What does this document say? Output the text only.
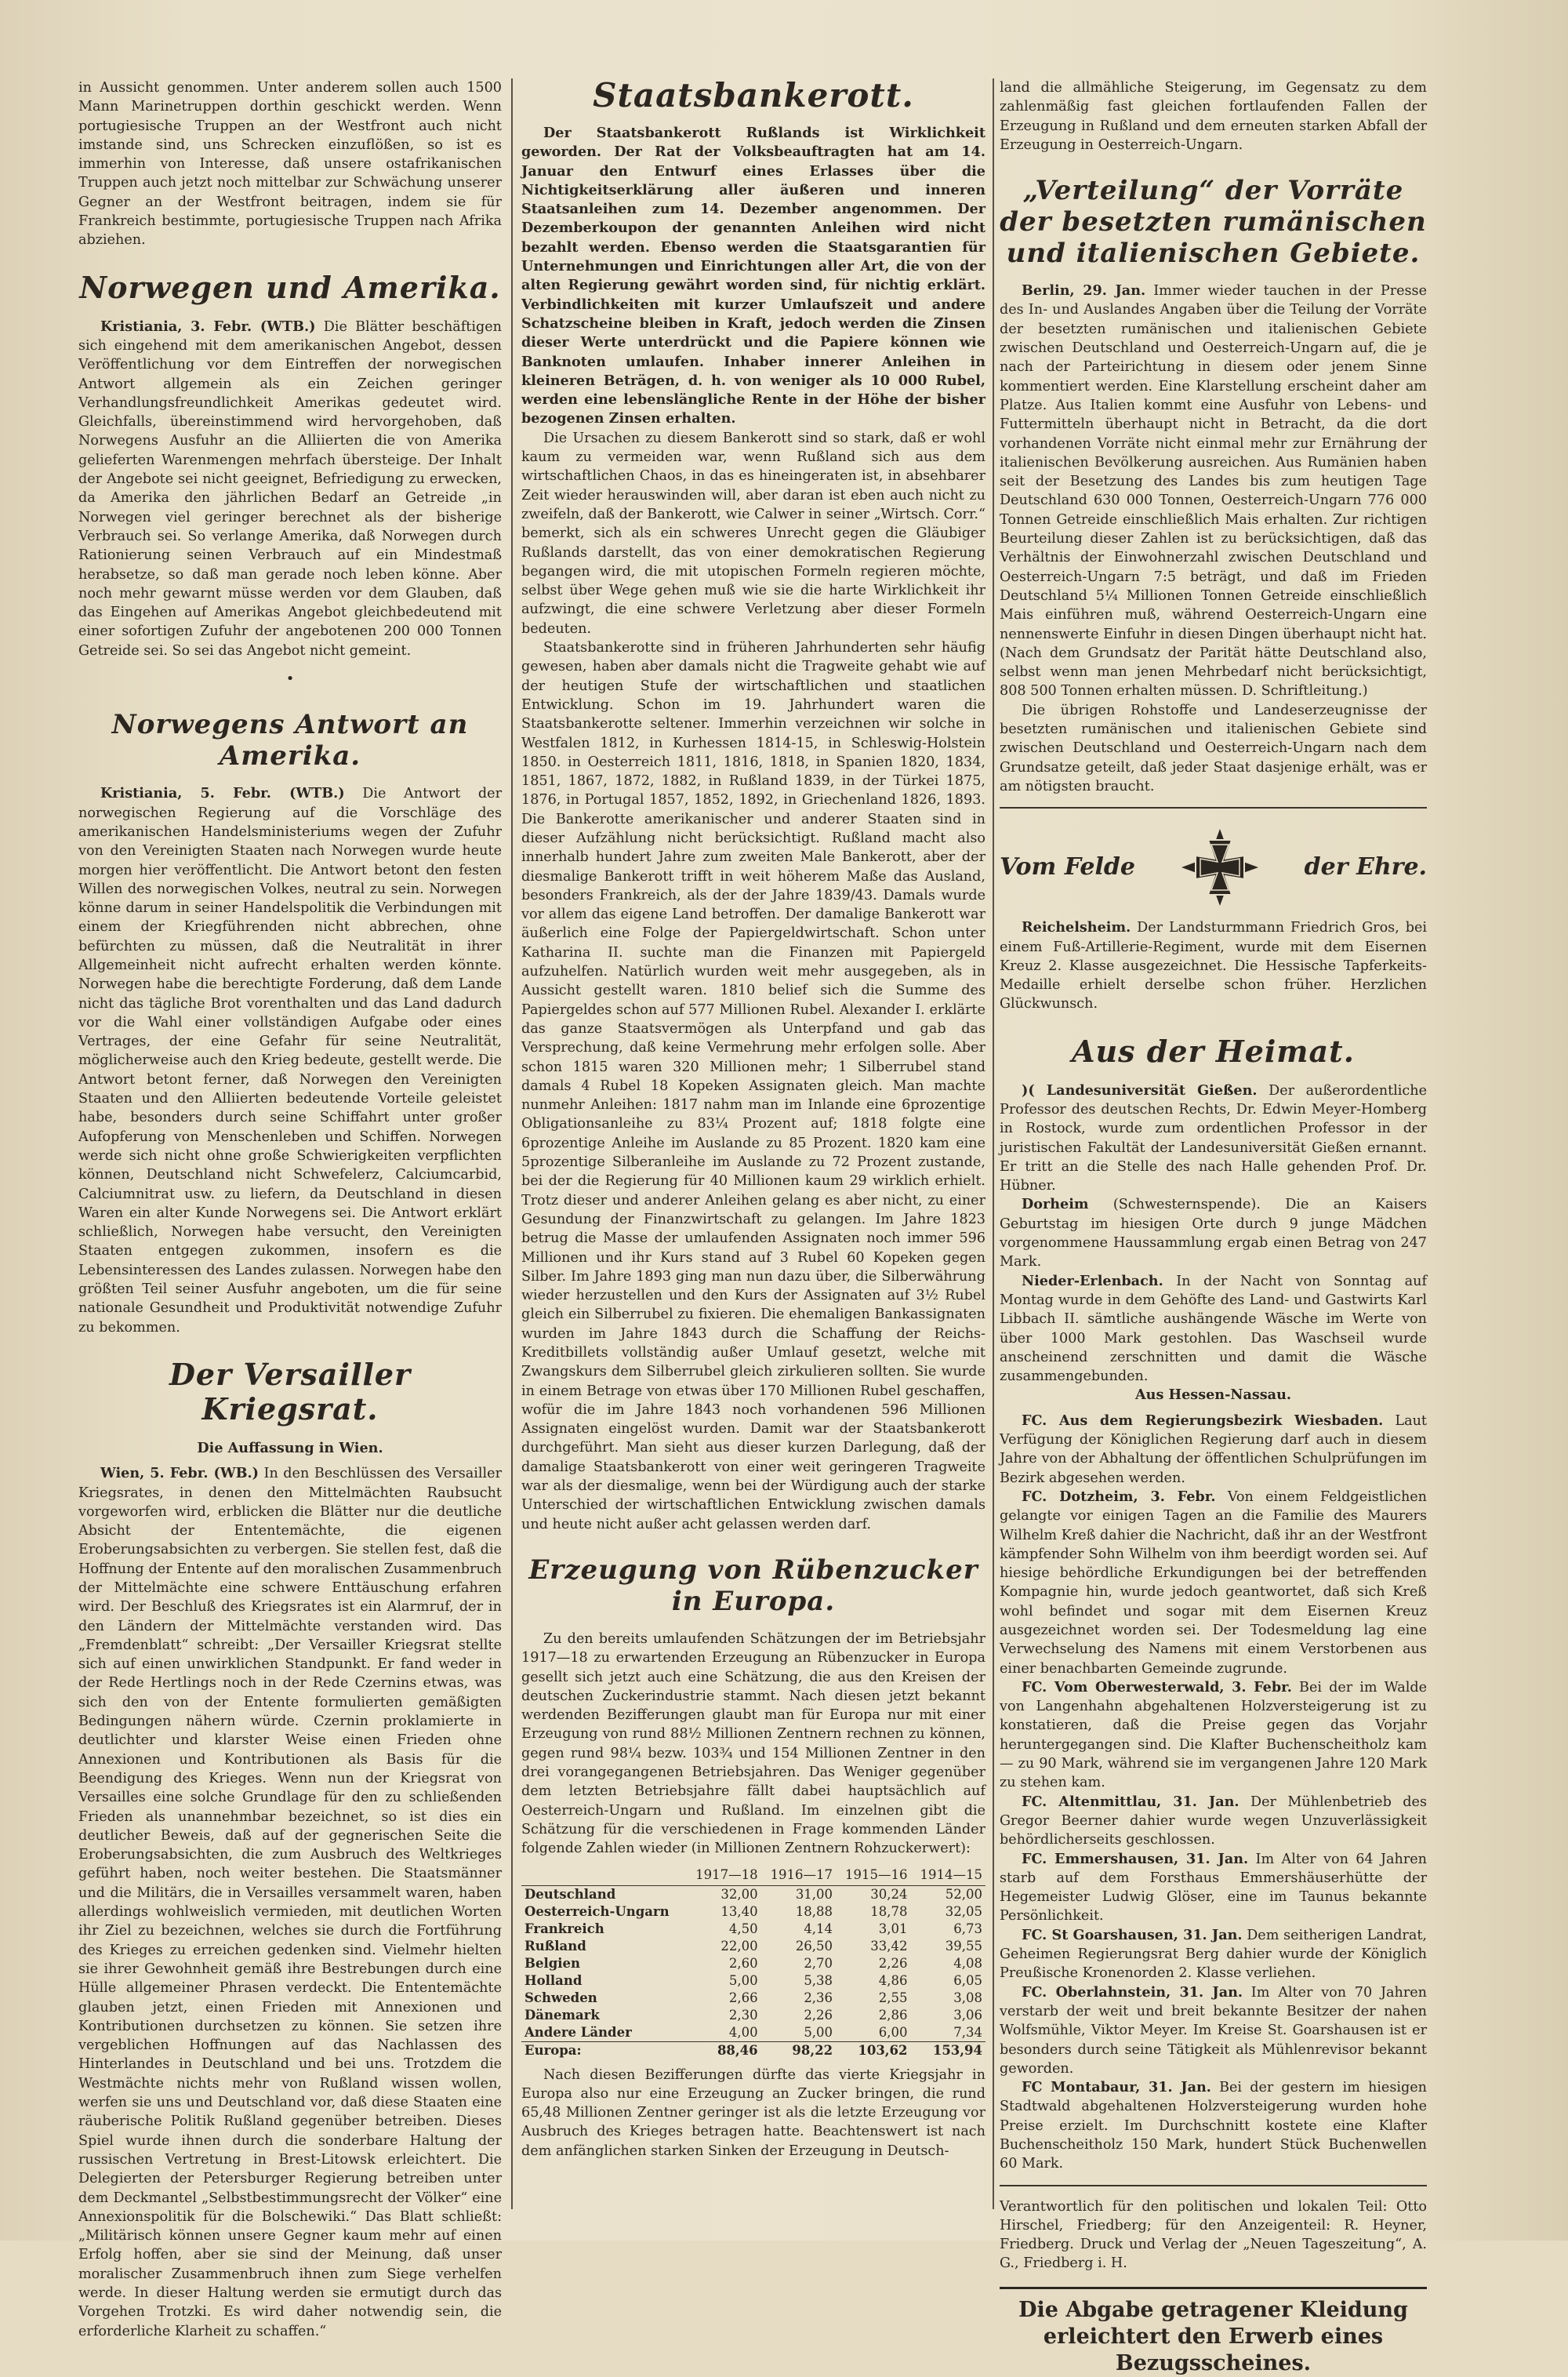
in Aussicht genommen. Unter anderem sollen auch 1500 Mann Marinetruppen dorthin geschickt werden. Wenn portugiesische Truppen an der Westfront auch nicht imstande sind, uns Schrecken einzuflößen, so ist es immerhin von Interesse, daß unsere ostafrikanischen Truppen auch jetzt noch mittelbar zur Schwächung unserer Gegner an der Westfront beitragen, indem sie für Frankreich bestimmte, portugiesische Truppen nach Afrika abziehen.

Norwegen und Amerika.

Kristiania, 3. Febr. (WTB.) Die Blätter beschäftigen sich eingehend mit dem amerikanischen Angebot, dessen Veröffentlichung vor dem Eintreffen der norwegischen Antwort allgemein als ein Zeichen geringer Verhandlungsfreundlichkeit Amerikas gedeutet wird. Gleichfalls, übereinstimmend wird hervorgehoben, daß Norwegens Ausfuhr an die Alliierten die von Amerika gelieferten Warenmengen mehrfach übersteige. Der Inhalt der Angebote sei nicht geeignet, Befriedigung zu erwecken, da Amerika den jährlichen Bedarf an Getreide „in Norwegen viel geringer berechnet als der bisherige Verbrauch sei. So verlange Amerika, daß Norwegen durch Rationierung seinen Verbrauch auf ein Mindestmaß herabsetze, so daß man gerade noch leben könne. Aber noch mehr gewarnt müsse werden vor dem Glauben, daß das Eingehen auf Amerikas Angebot gleichbedeutend mit einer sofortigen Zufuhr der angebotenen 200 000 Tonnen Getreide sei. So sei das Angebot nicht gemeint.

•
Norwegens Antwort an Amerika.

Kristiania, 5. Febr. (WTB.) Die Antwort der norwegischen Regierung auf die Vorschläge des amerikanischen Handelsministeriums wegen der Zufuhr von den Vereinigten Staaten nach Norwegen wurde heute morgen hier veröffentlicht. Die Antwort betont den festen Willen des norwegischen Volkes, neutral zu sein. Norwegen könne darum in seiner Handelspolitik die Verbindungen mit einem der Kriegführenden nicht abbrechen, ohne befürchten zu müssen, daß die Neutralität in ihrer Allgemeinheit nicht aufrecht erhalten werden könnte. Norwegen habe die berechtigte Forderung, daß dem Lande nicht das tägliche Brot vorenthalten und das Land dadurch vor die Wahl einer vollständigen Aufgabe oder eines Vertrages, der eine Gefahr für seine Neutralität, möglicherweise auch den Krieg bedeute, gestellt werde. Die Antwort betont ferner, daß Norwegen den Vereinigten Staaten und den Alliierten bedeutende Vorteile geleistet habe, besonders durch seine Schiffahrt unter großer Aufopferung von Menschenleben und Schiffen. Norwegen werde sich nicht ohne große Schwierigkeiten verpflichten können, Deutschland nicht Schwefelerz, Calciumcarbid, Calciumnitrat usw. zu liefern, da Deutschland in diesen Waren ein alter Kunde Norwegens sei. Die Antwort erklärt schließlich, Norwegen habe versucht, den Vereinigten Staaten entgegen zukommen, insofern es die Lebensinteressen des Landes zulassen. Norwegen habe den größten Teil seiner Ausfuhr angeboten, um die für seine nationale Gesundheit und Produktivität notwendige Zufuhr zu bekommen.

Der Versailler Kriegsrat.
Die Auffassung in Wien.

Wien, 5. Febr. (WB.) In den Beschlüssen des Versailler Kriegsrates, in denen den Mittelmächten Raubsucht vorgeworfen wird, erblicken die Blätter nur die deutliche Absicht der Ententemächte, die eigenen Eroberungsabsichten zu verbergen. Sie stellen fest, daß die Hoffnung der Entente auf den moralischen Zusammenbruch der Mittelmächte eine schwere Enttäuschung erfahren wird. Der Beschluß des Kriegsrates ist ein Alarmruf, der in den Ländern der Mittelmächte verstanden wird. Das „Fremdenblatt“ schreibt: „Der Versailler Kriegsrat stellte sich auf einen unwirklichen Standpunkt. Er fand weder in der Rede Hertlings noch in der Rede Czernins etwas, was sich den von der Entente formulierten gemäßigten Bedingungen nähern würde. Czernin proklamierte in deutlichter und klarster Weise einen Frieden ohne Annexionen und Kontributionen als Basis für die Beendigung des Krieges. Wenn nun der Kriegsrat von Versailles eine solche Grundlage für den zu schließenden Frieden als unannehmbar bezeichnet, so ist dies ein deutlicher Beweis, daß auf der gegnerischen Seite die Eroberungsabsichten, die zum Ausbruch des Weltkrieges geführt haben, noch weiter bestehen. Die Staatsmänner und die Militärs, die in Versailles versammelt waren, haben allerdings wohlweislich vermieden, mit deutlichen Worten ihr Ziel zu bezeichnen, welches sie durch die Fortführung des Krieges zu erreichen gedenken sind. Vielmehr hielten sie ihrer Gewohnheit gemäß ihre Bestrebungen durch eine Hülle allgemeiner Phrasen verdeckt. Die Ententemächte glauben jetzt, einen Frieden mit Annexionen und Kontributionen durchsetzen zu können. Sie setzen ihre vergeblichen Hoffnungen auf das Nachlassen des Hinterlandes in Deutschland und bei uns. Trotzdem die Westmächte nichts mehr von Rußland wissen wollen, werfen sie uns und Deutschland vor, daß diese Staaten eine räuberische Politik Rußland gegenüber betreiben. Dieses Spiel wurde ihnen durch die sonderbare Haltung der russischen Vertretung in Brest-Litowsk erleichtert. Die Delegierten der Petersburger Regierung betreiben unter dem Deckmantel „Selbstbestimmungsrecht der Völker“ eine Annexionspolitik für die Bolschewiki.“ Das Blatt schließt: „Militärisch können unsere Gegner kaum mehr auf einen Erfolg hoffen, aber sie sind der Meinung, daß unser moralischer Zusammenbruch ihnen zum Siege verhelfen werde. In dieser Haltung werden sie ermutigt durch das Vorgehen Trotzki. Es wird daher notwendig sein, die erforderliche Klarheit zu schaffen.“

Staatsbankerott.

Der Staatsbankerott Rußlands ist Wirklichkeit geworden. Der Rat der Volksbeauftragten hat am 14. Januar den Entwurf eines Erlasses über die Nichtigkeitserklärung aller äußeren und inneren Staatsanleihen zum 14. Dezember angenommen. Der Dezemberkoupon der genannten Anleihen wird nicht bezahlt werden. Ebenso werden die Staatsgarantien für Unternehmungen und Einrichtungen aller Art, die von der alten Regierung gewährt worden sind, für nichtig erklärt. Verbindlichkeiten mit kurzer Umlaufszeit und andere Schatzscheine bleiben in Kraft, jedoch werden die Zinsen dieser Werte unterdrückt und die Papiere können wie Banknoten umlaufen. Inhaber innerer Anleihen in kleineren Beträgen, d. h. von weniger als 10 000 Rubel, werden eine lebenslängliche Rente in der Höhe der bisher bezogenen Zinsen erhalten.

Die Ursachen zu diesem Bankerott sind so stark, daß er wohl kaum zu vermeiden war, wenn Rußland sich aus dem wirtschaftlichen Chaos, in das es hineingeraten ist, in absehbarer Zeit wieder herauswinden will, aber daran ist eben auch nicht zu zweifeln, daß der Bankerott, wie Calwer in seiner „Wirtsch. Corr.“ bemerkt, sich als ein schweres Unrecht gegen die Gläubiger Rußlands darstellt, das von einer demokratischen Regierung begangen wird, die mit utopischen Formeln regieren möchte, selbst über Wege gehen muß wie sie die harte Wirklichkeit ihr aufzwingt, die eine schwere Verletzung aber dieser Formeln bedeuten.

Staatsbankerotte sind in früheren Jahrhunderten sehr häufig gewesen, haben aber damals nicht die Tragweite gehabt wie auf der heutigen Stufe der wirtschaftlichen und staatlichen Entwicklung. Schon im 19. Jahrhundert waren die Staatsbankerotte seltener. Immerhin verzeichnen wir solche in Westfalen 1812, in Kurhessen 1814-15, in Schleswig-Holstein 1850. in Oesterreich 1811, 1816, 1818, in Spanien 1820, 1834, 1851, 1867, 1872, 1882, in Rußland 1839, in der Türkei 1875, 1876, in Portugal 1857, 1852, 1892, in Griechenland 1826, 1893. Die Bankerotte amerikanischer und anderer Staaten sind in dieser Aufzählung nicht berücksichtigt. Rußland macht also innerhalb hundert Jahre zum zweiten Male Bankerott, aber der diesmalige Bankerott trifft in weit höherem Maße das Ausland, besonders Frankreich, als der der Jahre 1839/43. Damals wurde vor allem das eigene Land betroffen. Der damalige Bankerott war äußerlich eine Folge der Papiergeldwirtschaft. Schon unter Katharina II. suchte man die Finanzen mit Papiergeld aufzuhelfen. Natürlich wurden weit mehr ausgegeben, als in Aussicht gestellt waren. 1810 belief sich die Summe des Papiergeldes schon auf 577 Millionen Rubel. Alexander I. erklärte das ganze Staatsvermögen als Unterpfand und gab das Versprechung, daß keine Vermehrung mehr erfolgen solle. Aber schon 1815 waren 320 Millionen mehr; 1 Silberrubel stand damals 4 Rubel 18 Kopeken Assignaten gleich. Man machte nunmehr Anleihen: 1817 nahm man im Inlande eine 6prozentige Obligationsanleihe zu 83¼ Prozent auf; 1818 folgte eine 6prozentige Anleihe im Auslande zu 85 Prozent. 1820 kam eine 5prozentige Silberanleihe im Auslande zu 72 Prozent zustande, bei der die Regierung für 40 Millionen kaum 29 wirklich erhielt. Trotz dieser und anderer Anleihen gelang es aber nicht, zu einer Gesundung der Finanzwirtschaft zu gelangen. Im Jahre 1823 betrug die Masse der umlaufenden Assignaten noch immer 596 Millionen und ihr Kurs stand auf 3 Rubel 60 Kopeken gegen Silber. Im Jahre 1893 ging man nun dazu über, die Silberwährung wieder herzustellen und den Kurs der Assignaten auf 3½ Rubel gleich ein Silberrubel zu fixieren. Die ehemaligen Bankassignaten wurden im Jahre 1843 durch die Schaffung der Reichs-Kreditbillets vollständig außer Umlauf gesetzt, welche mit Zwangskurs dem Silberrubel gleich zirkulieren sollten. Sie wurde in einem Betrage von etwas über 170 Millionen Rubel geschaffen, wofür die im Jahre 1843 noch vorhandenen 596 Millionen Assignaten eingelöst wurden. Damit war der Staatsbankerott durchgeführt. Man sieht aus dieser kurzen Darlegung, daß der damalige Staatsbankerott von einer weit geringeren Tragweite war als der diesmalige, wenn bei der Würdigung auch der starke Unterschied der wirtschaftlichen Entwicklung zwischen damals und heute nicht außer acht gelassen werden darf.

Erzeugung von Rübenzucker in Europa.

Zu den bereits umlaufenden Schätzungen der im Betriebsjahr 1917—18 zu erwartenden Erzeugung an Rübenzucker in Europa gesellt sich jetzt auch eine Schätzung, die aus den Kreisen der deutschen Zuckerindustrie stammt. Nach diesen jetzt bekannt werdenden Bezifferungen glaubt man für Europa nur mit einer Erzeugung von rund 88½ Millionen Zentnern rechnen zu können, gegen rund 98¼ bezw. 103¾ und 154 Millionen Zentner in den drei vorangegangenen Betriebsjahren. Das Weniger gegenüber dem letzten Betriebsjahre fällt dabei hauptsächlich auf Oesterreich-Ungarn und Rußland. Im einzelnen gibt die Schätzung für die verschiedenen in Frage kommenden Länder folgende Zahlen wieder (in Millionen Zentnern Rohzuckerwert):

	1917—18	1916—17	1915—16	1914—15
Deutschland	32,00	31,00	30,24	52,00
Oesterreich-Ungarn	13,40	18,88	18,78	32,05
Frankreich	4,50	4,14	3,01	6,73
Rußland	22,00	26,50	33,42	39,55
Belgien	2,60	2,70	2,26	4,08
Holland	5,00	5,38	4,86	6,05
Schweden	2,66	2,36	2,55	3,08
Dänemark	2,30	2,26	2,86	3,06
Andere Länder	4,00	5,00	6,00	7,34
Europa:	88,46	98,22	103,62	153,94

Nach diesen Bezifferungen dürfte das vierte Kriegsjahr in Europa also nur eine Erzeugung an Zucker bringen, die rund 65,48 Millionen Zentner geringer ist als die letzte Erzeugung vor Ausbruch des Krieges betragen hatte. Beachtenswert ist nach dem anfänglichen starken Sinken der Erzeugung in Deutsch-

land die allmähliche Steigerung, im Gegensatz zu dem zahlenmäßig fast gleichen fortlaufenden Fallen der Erzeugung in Rußland und dem erneuten starken Abfall der Erzeugung in Oesterreich-Ungarn.

„Verteilung“ der Vorräte der besetzten rumänischen und italienischen Gebiete.

Berlin, 29. Jan. Immer wieder tauchen in der Presse des In- und Auslandes Angaben über die Teilung der Vorräte der besetzten rumänischen und italienischen Gebiete zwischen Deutschland und Oesterreich-Ungarn auf, die je nach der Parteirichtung in diesem oder jenem Sinne kommentiert werden. Eine Klarstellung erscheint daher am Platze. Aus Italien kommt eine Ausfuhr von Lebens- und Futtermitteln überhaupt nicht in Betracht, da die dort vorhandenen Vorräte nicht einmal mehr zur Ernährung der italienischen Bevölkerung ausreichen. Aus Rumänien haben seit der Besetzung des Landes bis zum heutigen Tage Deutschland 630 000 Tonnen, Oesterreich-Ungarn 776 000 Tonnen Getreide einschließlich Mais erhalten. Zur richtigen Beurteilung dieser Zahlen ist zu berücksichtigen, daß das Verhältnis der Einwohnerzahl zwischen Deutschland und Oesterreich-Ungarn 7:5 beträgt, und daß im Frieden Deutschland 5¼ Millionen Tonnen Getreide einschließlich Mais einführen muß, während Oesterreich-Ungarn eine nennenswerte Einfuhr in diesen Dingen überhaupt nicht hat. (Nach dem Grundsatz der Parität hätte Deutschland also, selbst wenn man jenen Mehrbedarf nicht berücksichtigt, 808 500 Tonnen erhalten müssen. D. Schriftleitung.)

Die übrigen Rohstoffe und Landeserzeugnisse der besetzten rumänischen und italienischen Gebiete sind zwischen Deutschland und Oesterreich-Ungarn nach dem Grundsatze geteilt, daß jeder Staat dasjenige erhält, was er am nötigsten braucht.

Vom Felde	der Ehre.

Reichelsheim. Der Landsturmmann Friedrich Gros, bei einem Fuß-Artillerie-Regiment, wurde mit dem Eisernen Kreuz 2. Klasse ausgezeichnet. Die Hessische Tapferkeits-Medaille erhielt derselbe schon früher. Herzlichen Glückwunsch.

Aus der Heimat.

)( Landesuniversität Gießen. Der außerordentliche Professor des deutschen Rechts, Dr. Edwin Meyer-Homberg in Rostock, wurde zum ordentlichen Professor in der juristischen Fakultät der Landesuniversität Gießen ernannt. Er tritt an die Stelle des nach Halle gehenden Prof. Dr. Hübner.

Dorheim (Schwesternspende). Die an Kaisers Geburtstag im hiesigen Orte durch 9 junge Mädchen vorgenommene Haussammlung ergab einen Betrag von 247 Mark.

Nieder-Erlenbach. In der Nacht von Sonntag auf Montag wurde in dem Gehöfte des Land- und Gastwirts Karl Libbach II. sämtliche aushängende Wäsche im Werte von über 1000 Mark gestohlen. Das Waschseil wurde anscheinend zerschnitten und damit die Wäsche zusammengebunden.

Aus Hessen-Nassau.

FC. Aus dem Regierungsbezirk Wiesbaden. Laut Verfügung der Königlichen Regierung darf auch in diesem Jahre von der Abhaltung der öffentlichen Schulprüfungen im Bezirk abgesehen werden.

FC. Dotzheim, 3. Febr. Von einem Feldgeistlichen gelangte vor einigen Tagen an die Familie des Maurers Wilhelm Kreß dahier die Nachricht, daß ihr an der Westfront kämpfender Sohn Wilhelm von ihm beerdigt worden sei. Auf hiesige behördliche Erkundigungen bei der betreffenden Kompagnie hin, wurde jedoch geantwortet, daß sich Kreß wohl befindet und sogar mit dem Eisernen Kreuz ausgezeichnet worden sei. Der Todesmeldung lag eine Verwechselung des Namens mit einem Verstorbenen aus einer benachbarten Gemeinde zugrunde.

FC. Vom Oberwesterwald, 3. Febr. Bei der im Walde von Langenhahn abgehaltenen Holzversteigerung ist zu konstatieren, daß die Preise gegen das Vorjahr heruntergegangen sind. Die Klafter Buchenscheitholz kam — zu 90 Mark, während sie im vergangenen Jahre 120 Mark zu stehen kam.

FC. Altenmittlau, 31. Jan. Der Mühlenbetrieb des Gregor Beerner dahier wurde wegen Unzuverlässigkeit behördlicherseits geschlossen.

FC. Emmershausen, 31. Jan. Im Alter von 64 Jahren starb auf dem Forsthaus Emmershäuserhütte der Hegemeister Ludwig Glöser, eine im Taunus bekannte Persönlichkeit.

FC. St Goarshausen, 31. Jan. Dem seitherigen Landrat, Geheimen Regierungsrat Berg dahier wurde der Königlich Preußische Kronenorden 2. Klasse verliehen.

FC. Oberlahnstein, 31. Jan. Im Alter von 70 Jahren verstarb der weit und breit bekannte Besitzer der nahen Wolfsmühle, Viktor Meyer. Im Kreise St. Goarshausen ist er besonders durch seine Tätigkeit als Mühlenrevisor bekannt geworden.

FC Montabaur, 31. Jan. Bei der gestern im hiesigen Stadtwald abgehaltenen Holzversteigerung wurden hohe Preise erzielt. Im Durchschnitt kostete eine Klafter Buchenscheitholz 150 Mark, hundert Stück Buchenwellen 60 Mark.

Verantwortlich für den politischen und lokalen Teil: Otto Hirschel, Friedberg; für den Anzeigenteil: R. Heyner, Friedberg. Druck und Verlag der „Neuen Tageszeitung“, A. G., Friedberg i. H.
Die Abgabe getragener Kleidung erleichtert den Erwerb eines Bezugsscheines.
